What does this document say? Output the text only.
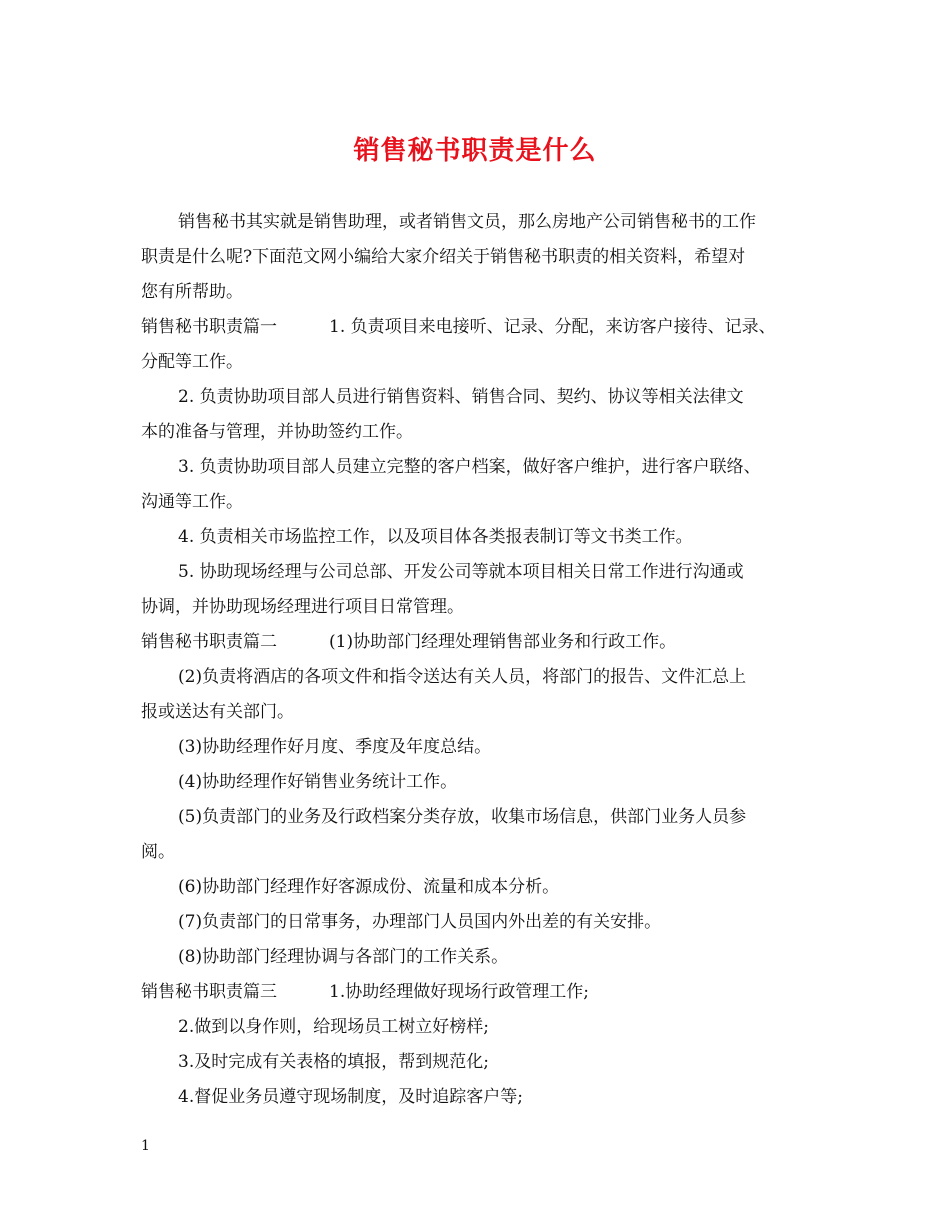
销售秘书职责是什么
销售秘书其实就是销售助理，或者销售文员，那么房地产公司销售秘书的工作
职责是什么呢?下面范文网小编给大家介绍关于销售秘书职责的相关资料，希望对
您有所帮助。
销售秘书职责篇一	1. 负责项目来电接听、记录、分配，来访客户接待、记录、
分配等工作。
2. 负责协助项目部人员进行销售资料、销售合同、契约、协议等相关法律文
本的准备与管理，并协助签约工作。
3. 负责协助项目部人员建立完整的客户档案，做好客户维护，进行客户联络、
沟通等工作。
4. 负责相关市场监控工作，以及项目体各类报表制订等文书类工作。
5. 协助现场经理与公司总部、开发公司等就本项目相关日常工作进行沟通或
协调，并协助现场经理进行项目日常管理。
销售秘书职责篇二	(1)协助部门经理处理销售部业务和行政工作。
(2)负责将酒店的各项文件和指令送达有关人员，将部门的报告、文件汇总上
报或送达有关部门。
(3)协助经理作好月度、季度及年度总结。
(4)协助经理作好销售业务统计工作。
(5)负责部门的业务及行政档案分类存放，收集市场信息，供部门业务人员参
阅。
(6)协助部门经理作好客源成份、流量和成本分析。
(7)负责部门的日常事务，办理部门人员国内外出差的有关安排。
(8)协助部门经理协调与各部门的工作关系。
销售秘书职责篇三	1.协助经理做好现场行政管理工作;
2.做到以身作则，给现场员工树立好榜样;
3.及时完成有关表格的填报，帮到规范化;
4.督促业务员遵守现场制度，及时追踪客户等;
1
